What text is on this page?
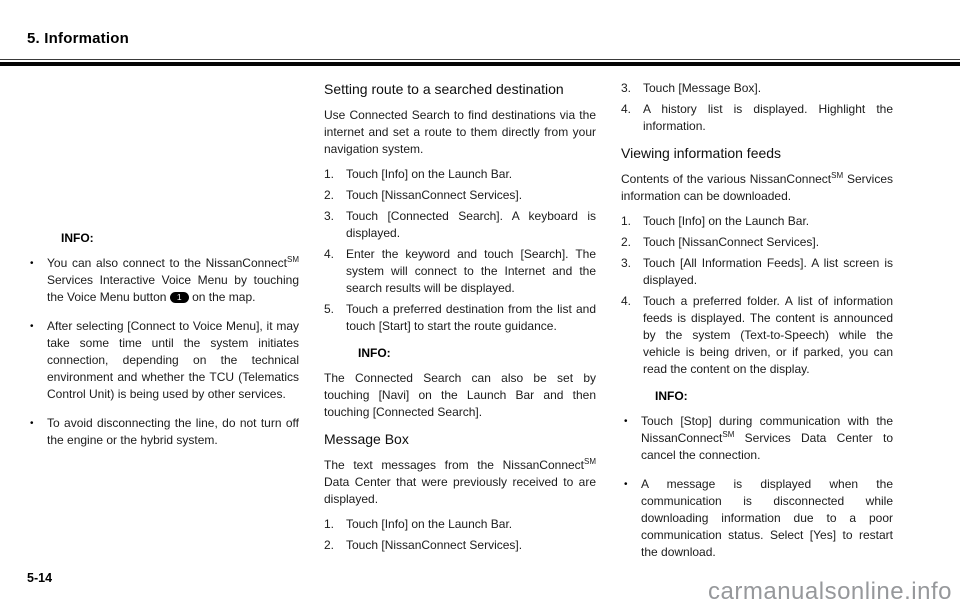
5. Information

INFO:

• You can also connect to the NissanConnect℠ Services Interactive Voice Menu by touching the Voice Menu button 1 on the map.

• After selecting [Connect to Voice Menu], it may take some time until the system initiates connection, depending on the technical environment and whether the TCU (Telematics Control Unit) is being used by other services.

• To avoid disconnecting the line, do not turn off the engine or the hybrid system.

Setting route to a searched destination

Use Connected Search to find destinations via the internet and set a route to them directly from your navigation system.

1. Touch [Info] on the Launch Bar.

2. Touch [NissanConnect Services].

3. Touch [Connected Search]. A keyboard is displayed.

4. Enter the keyword and touch [Search]. The system will connect to the Internet and the search results will be displayed.

5. Touch a preferred destination from the list and touch [Start] to start the route guidance.

INFO:

The Connected Search can also be set by touching [Navi] on the Launch Bar and then touching [Connected Search].

Message Box

The text messages from the NissanConnect℠ Data Center that were previously received to are displayed.

1. Touch [Info] on the Launch Bar.

2. Touch [NissanConnect Services].

3. Touch [Message Box].

4. A history list is displayed. Highlight the information.

Viewing information feeds

Contents of the various NissanConnect℠ Services information can be downloaded.

1. Touch [Info] on the Launch Bar.

2. Touch [NissanConnect Services].

3. Touch [All Information Feeds]. A list screen is displayed.

4. Touch a preferred folder. A list of information feeds is displayed. The content is announced by the system (Text-to-Speech) while the vehicle is being driven, or if parked, you can read the content on the display.

INFO:

• Touch [Stop] during communication with the NissanConnect℠ Services Data Center to cancel the connection.

• A message is displayed when the communication is disconnected while downloading information due to a poor communication status. Select [Yes] to restart the download.

5-14	carmanualsonline.info
